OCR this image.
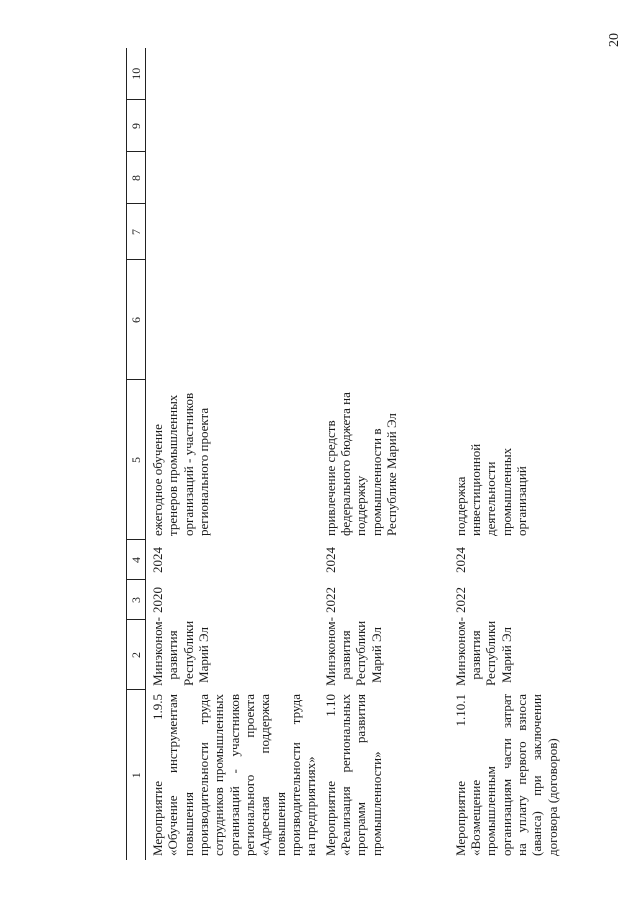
20
1	2	3	4	5	6	7	8	9	10
Мероприятие 1.9.5 «Обучение инструментам повышения производительности труда сотрудников промышленных организаций - участников регионального проекта «Адресная поддержка повышения производительности труда на предприятиях»	Минэконом-развития Республики Марий Эл	2020	2024	ежегодное обучение тренеров промышленных организаций - участников регионального проекта					
Мероприятие 1.10 «Реализация региональных программ развития промышленности»	Минэконом-развития Республики Марий Эл	2022	2024	привлечение средств федерального бюджета на поддержку промышленности в Республике Марий Эл					
Мероприятие 1.10.1 «Возмещение промышленным организациям части затрат на уплату первого взноса (аванса) при заключении договора (договоров)	Минэконом-развития Республики Марий Эл	2022	2024	поддержка инвестиционной деятельности промышленных организаций					
